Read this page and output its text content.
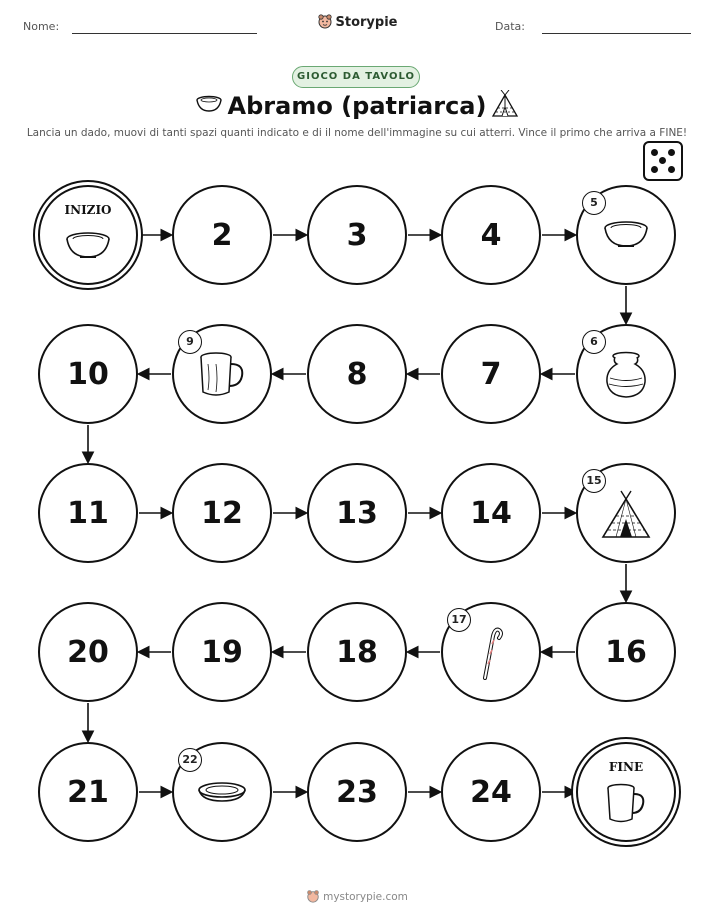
Nome:	Storypie	Data:
GIOCO DA TAVOLO
Abramo (patriarca)
Lancia un dado, muovi di tanti spazi quanti indicato e di il nome dell'immagine su cui atterri. Vince il primo che arriva a FINE!
INIZIO
2	3	4
5
10
9
8	7
6
11	12	13	14
15
20	19	18
17
16
21
22
23	24
FINE
mystorypie.com
